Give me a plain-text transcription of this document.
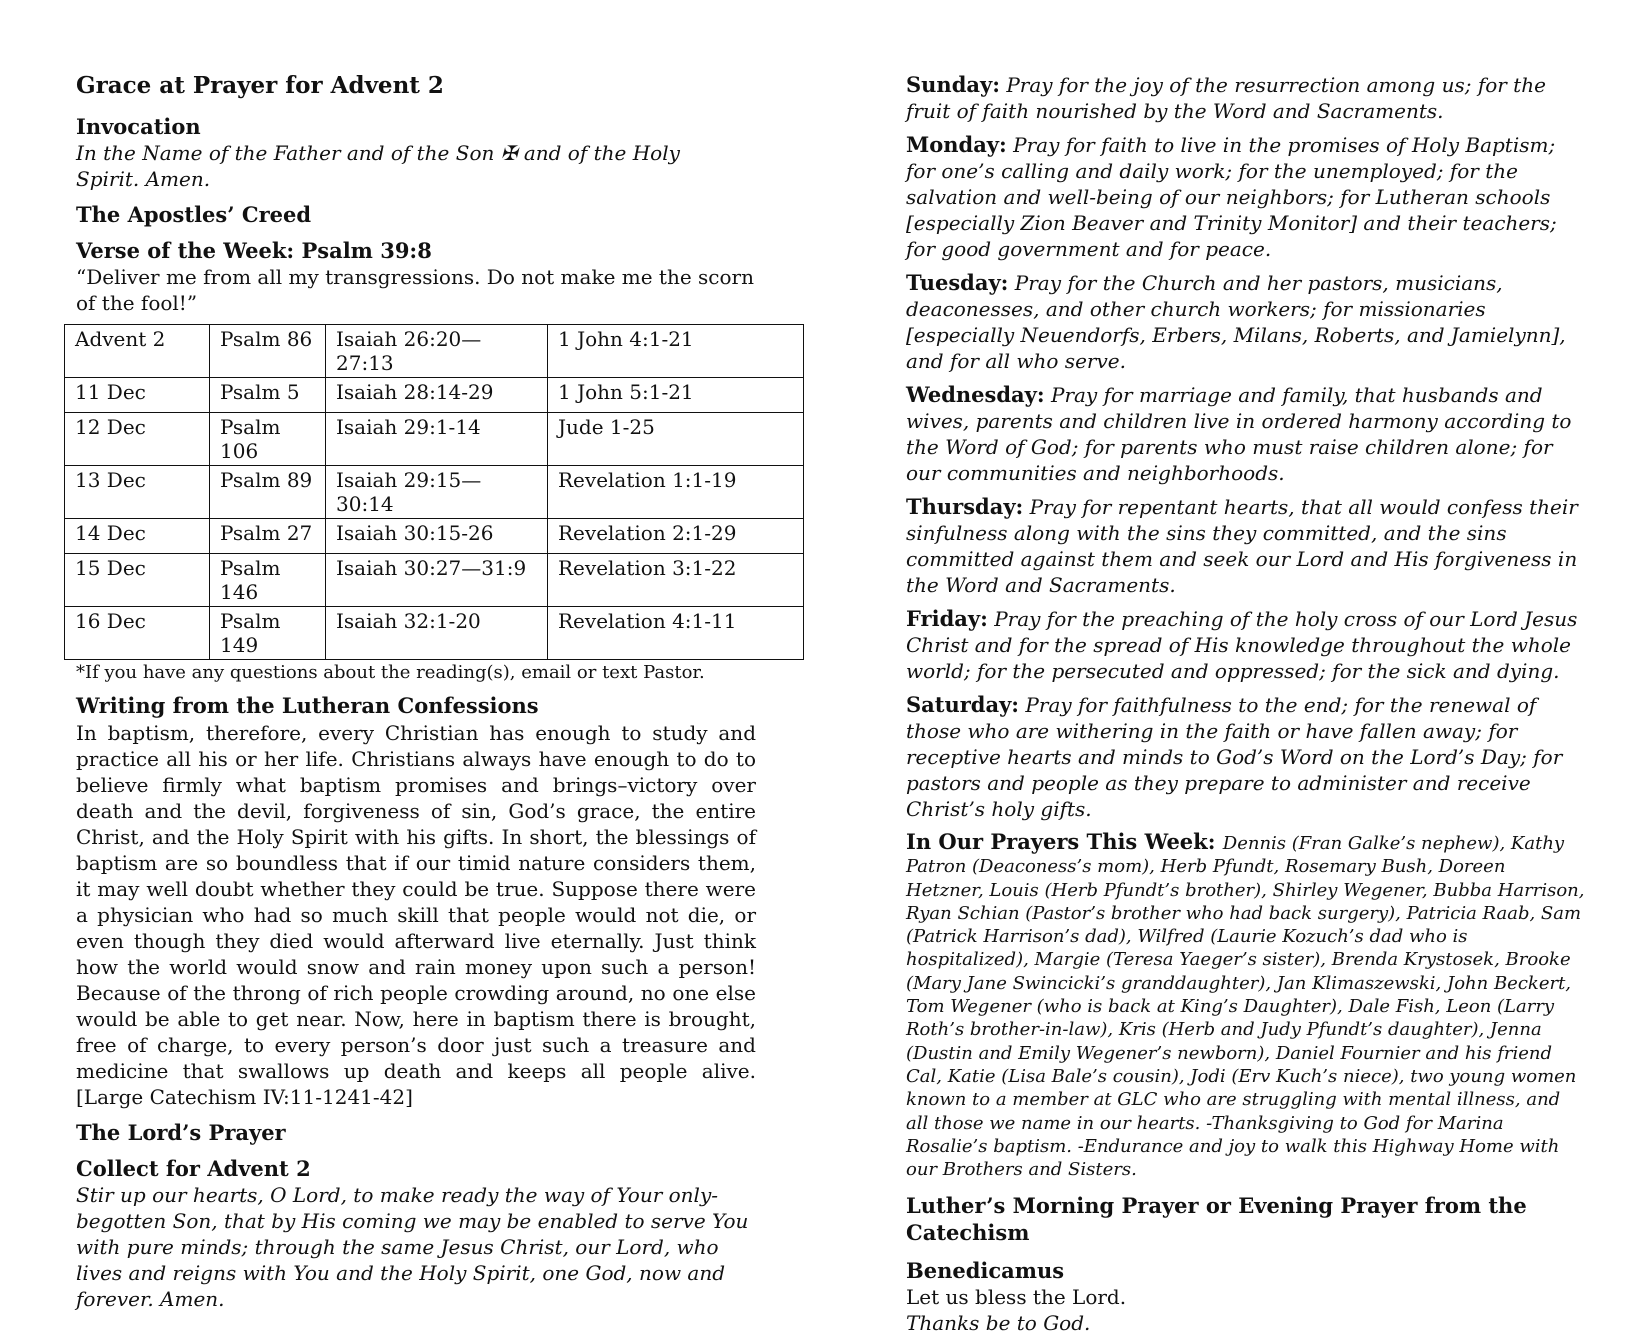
Grace at Prayer for Advent 2
Invocation

In the Name of the Father and of the Son ✠ and of the Holy Spirit. Amen.

The Apostles’ Creed
Verse of the Week: Psalm 39:8

“Deliver me from all my transgressions. Do not make me the scorn of the fool!”

Advent 2	Psalm 86	Isaiah 26:20—27:13	1 John 4:1-21
11 Dec	Psalm 5	Isaiah 28:14-29	1 John 5:1-21
12 Dec	Psalm 106	Isaiah 29:1-14	Jude 1-25
13 Dec	Psalm 89	Isaiah 29:15—30:14	Revelation 1:1-19
14 Dec	Psalm 27	Isaiah 30:15-26	Revelation 2:1-29
15 Dec	Psalm 146	Isaiah 30:27—31:9	Revelation 3:1-22
16 Dec	Psalm 149	Isaiah 32:1-20	Revelation 4:1-11
*If you have any questions about the reading(s), email or text Pastor.
Writing from the Lutheran Confessions

In baptism, therefore, every Christian has enough to study and practice all his or her life. Christians always have enough to do to believe firmly what baptism promises and brings–victory over death and the devil, forgiveness of sin, God’s grace, the entire Christ, and the Holy Spirit with his gifts. In short, the blessings of baptism are so boundless that if our timid nature considers them, it may well doubt whether they could be true. Suppose there were a physician who had so much skill that people would not die, or even though they died would afterward live eternally. Just think how the world would snow and rain money upon such a person! Because of the throng of rich people crowding around, no one else would be able to get near. Now, here in baptism there is brought, free of charge, to every person’s door just such a treasure and medicine that swallows up death and keeps all people alive. [Large Catechism IV:11-1241-42]

The Lord’s Prayer
Collect for Advent 2

Stir up our hearts, O Lord, to make ready the way of Your only-begotten Son, that by His coming we may be enabled to serve You with pure minds; through the same Jesus Christ, our Lord, who lives and reigns with You and the Holy Spirit, one God, now and forever. Amen.

Sunday: Pray for the joy of the resurrection among us; for the fruit of faith nourished by the Word and Sacraments.
Monday: Pray for faith to live in the promises of Holy Baptism; for one’s calling and daily work; for the unemployed; for the salvation and well-being of our neighbors; for Lutheran schools [especially Zion Beaver and Trinity Monitor] and their teachers; for good government and for peace.
Tuesday: Pray for the Church and her pastors, musicians, deaconesses, and other church workers; for missionaries [especially Neuendorfs, Erbers, Milans, Roberts, and Jamielynn], and for all who serve.
Wednesday: Pray for marriage and family, that husbands and wives, parents and children live in ordered harmony according to the Word of God; for parents who must raise children alone; for our communities and neighborhoods.
Thursday: Pray for repentant hearts, that all would confess their sinfulness along with the sins they committed, and the sins committed against them and seek our Lord and His forgiveness in the Word and Sacraments.
Friday: Pray for the preaching of the holy cross of our Lord Jesus Christ and for the spread of His knowledge throughout the whole world; for the persecuted and oppressed; for the sick and dying.
Saturday: Pray for faithfulness to the end; for the renewal of those who are withering in the faith or have fallen away; for receptive hearts and minds to God’s Word on the Lord’s Day; for pastors and people as they prepare to administer and receive Christ’s holy gifts.
In Our Prayers This Week: Dennis (Fran Galke’s nephew), Kathy Patron (Deaconess’s mom), Herb Pfundt, Rosemary Bush, Doreen Hetzner, Louis (Herb Pfundt’s brother), Shirley Wegener, Bubba Harrison, Ryan Schian (Pastor’s brother who had back surgery), Patricia Raab, Sam (Patrick Harrison’s dad), Wilfred (Laurie Kozuch’s dad who is hospitalized), Margie (Teresa Yaeger’s sister), Brenda Krystosek, Brooke (Mary Jane Swincicki’s granddaughter), Jan Klimaszewski, John Beckert, Tom Wegener (who is back at King’s Daughter), Dale Fish, Leon (Larry Roth’s brother-in-law), Kris (Herb and Judy Pfundt’s daughter), Jenna (Dustin and Emily Wegener’s newborn), Daniel Fournier and his friend Cal, Katie (Lisa Bale’s cousin), Jodi (Erv Kuch’s niece), two young women known to a member at GLC who are struggling with mental illness, and all those we name in our hearts. -Thanksgiving to God for Marina Rosalie’s baptism. -Endurance and joy to walk this Highway Home with our Brothers and Sisters.
Luther’s Morning Prayer or Evening Prayer from the Catechism
Benedicamus

Let us bless the Lord.

Thanks be to God.
